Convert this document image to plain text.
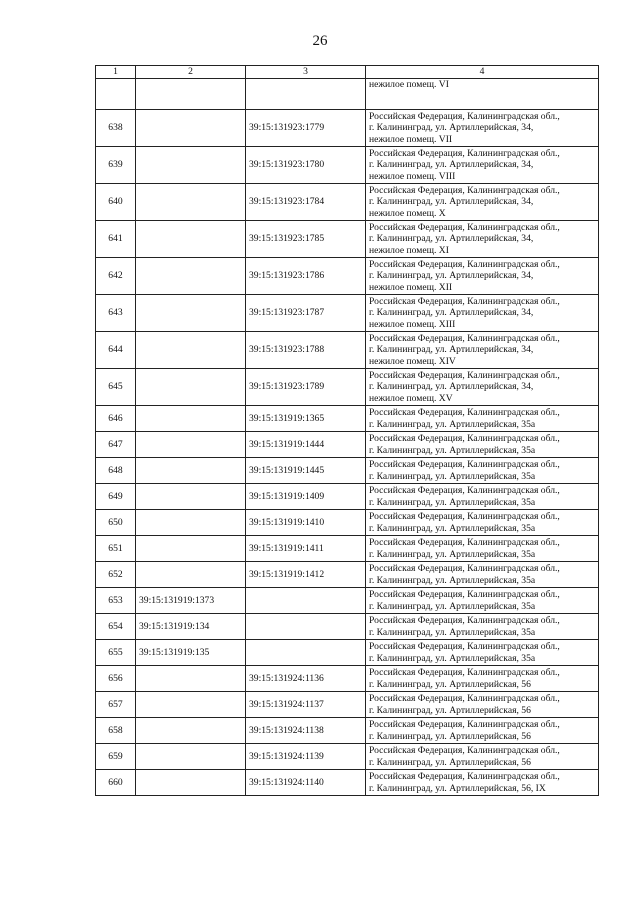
26
1	2	3	4

			нежилое помещ. VI

638		39:15:131923:1779	Российская Федерация, Калининградская обл.,
г. Калининград, ул. Артиллерийская, 34,
нежилое помещ. VII

639		39:15:131923:1780	Российская Федерация, Калининградская обл.,
г. Калининград, ул. Артиллерийская, 34,
нежилое помещ. VIII

640		39:15:131923:1784	Российская Федерация, Калининградская обл.,
г. Калининград, ул. Артиллерийская, 34,
нежилое помещ. X

641		39:15:131923:1785	Российская Федерация, Калининградская обл.,
г. Калининград, ул. Артиллерийская, 34,
нежилое помещ. XI

642		39:15:131923:1786	Российская Федерация, Калининградская обл.,
г. Калининград, ул. Артиллерийская, 34,
нежилое помещ. XII

643		39:15:131923:1787	Российская Федерация, Калининградская обл.,
г. Калининград, ул. Артиллерийская, 34,
нежилое помещ. XIII

644		39:15:131923:1788	Российская Федерация, Калининградская обл.,
г. Калининград, ул. Артиллерийская, 34,
нежилое помещ. XIV

645		39:15:131923:1789	Российская Федерация, Калининградская обл.,
г. Калининград, ул. Артиллерийская, 34,
нежилое помещ. XV

646		39:15:131919:1365	Российская Федерация, Калининградская обл.,
г. Калининград, ул. Артиллерийская, 35а

647		39:15:131919:1444	Российская Федерация, Калининградская обл.,
г. Калининград, ул. Артиллерийская, 35а

648		39:15:131919:1445	Российская Федерация, Калининградская обл.,
г. Калининград, ул. Артиллерийская, 35а

649		39:15:131919:1409	Российская Федерация, Калининградская обл.,
г. Калининград, ул. Артиллерийская, 35а

650		39:15:131919:1410	Российская Федерация, Калининградская обл.,
г. Калининград, ул. Артиллерийская, 35а

651		39:15:131919:1411	Российская Федерация, Калининградская обл.,
г. Калининград, ул. Артиллерийская, 35а

652		39:15:131919:1412	Российская Федерация, Калининградская обл.,
г. Калининград, ул. Артиллерийская, 35а

653	39:15:131919:1373		Российская Федерация, Калининградская обл.,
г. Калининград, ул. Артиллерийская, 35а

654	39:15:131919:134		Российская Федерация, Калининградская обл.,
г. Калининград, ул. Артиллерийская, 35а

655	39:15:131919:135		Российская Федерация, Калининградская обл.,
г. Калининград, ул. Артиллерийская, 35а

656		39:15:131924:1136	Российская Федерация, Калининградская обл.,
г. Калининград, ул. Артиллерийская, 56

657		39:15:131924:1137	Российская Федерация, Калининградская обл.,
г. Калининград, ул. Артиллерийская, 56

658		39:15:131924:1138	Российская Федерация, Калининградская обл.,
г. Калининград, ул. Артиллерийская, 56

659		39:15:131924:1139	Российская Федерация, Калининградская обл.,
г. Калининград, ул. Артиллерийская, 56

660		39:15:131924:1140	Российская Федерация, Калининградская обл.,
г. Калининград, ул. Артиллерийская, 56, IX
